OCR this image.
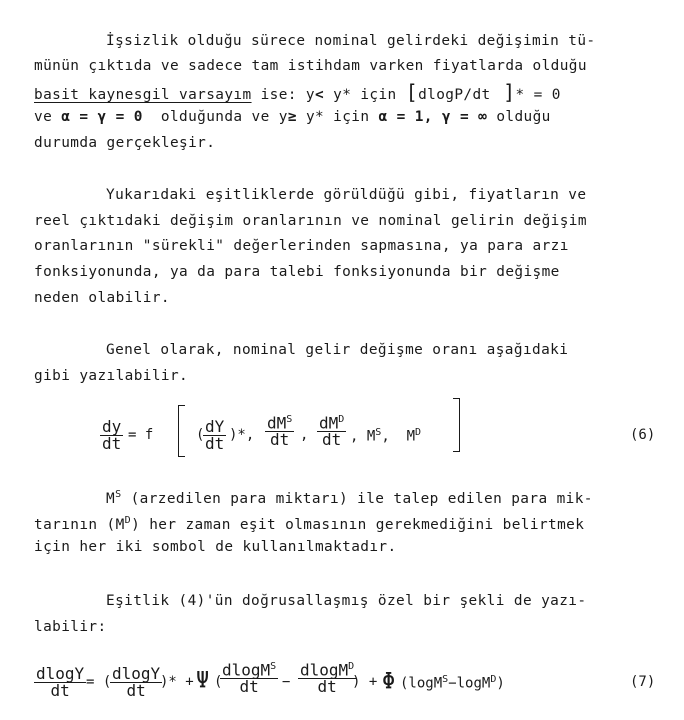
İşsizlik olduğu sürece nominal gelirdeki değişimin tü-
münün çıktıda ve sadece tam istihdam varken fiyatlarda olduğu
basit kaynesgil varsayım ise: y< y* için [dlogP/dt ]* = 0
ve α = γ = 0  olduğunda ve y≥ y* için α = 1, γ = ∞ olduğu
durumda gerçekleşir.
Yukarıdaki eşitliklerde görüldüğü gibi, fiyatların ve
reel çıktıdaki değişim oranlarının ve nominal gelirin değişim
oranlarının "sürekli" değerlerinden sapmasına, ya para arzı
fonksiyonunda, ya da para talebi fonksiyonunda bir değişme
neden olabilir.
Genel olarak, nominal gelir değişme oranı aşağıdaki
gibi yazılabilir.
$\frac{dy}{dt} = f$	(
$\frac{dY}{dt}$ )*,
$dM^S$
dt ,
$dM^D$
dt , $M^S$,  $M^D$	(6)
$M^S$ (arzedilen para miktarı) ile talep edilen para mik-
tarının $(M^D)$ her zaman eşit olmasının gerekmediğini belirtmek
için her iki sombol de kullanılmaktadır.
Eşitlik (4)'ün doğrusallaşmış özel bir şekli de yazı-
labilir:
$\frac{dlogY}{dt}$ = (
$\frac{dlogY}{dt}$
)* + Ψ (
$\frac{dlogM^S}{dt} - \frac{dlogM^D}{dt}$
) + Φ (logM$^S$−logM$^D$)	(7)
